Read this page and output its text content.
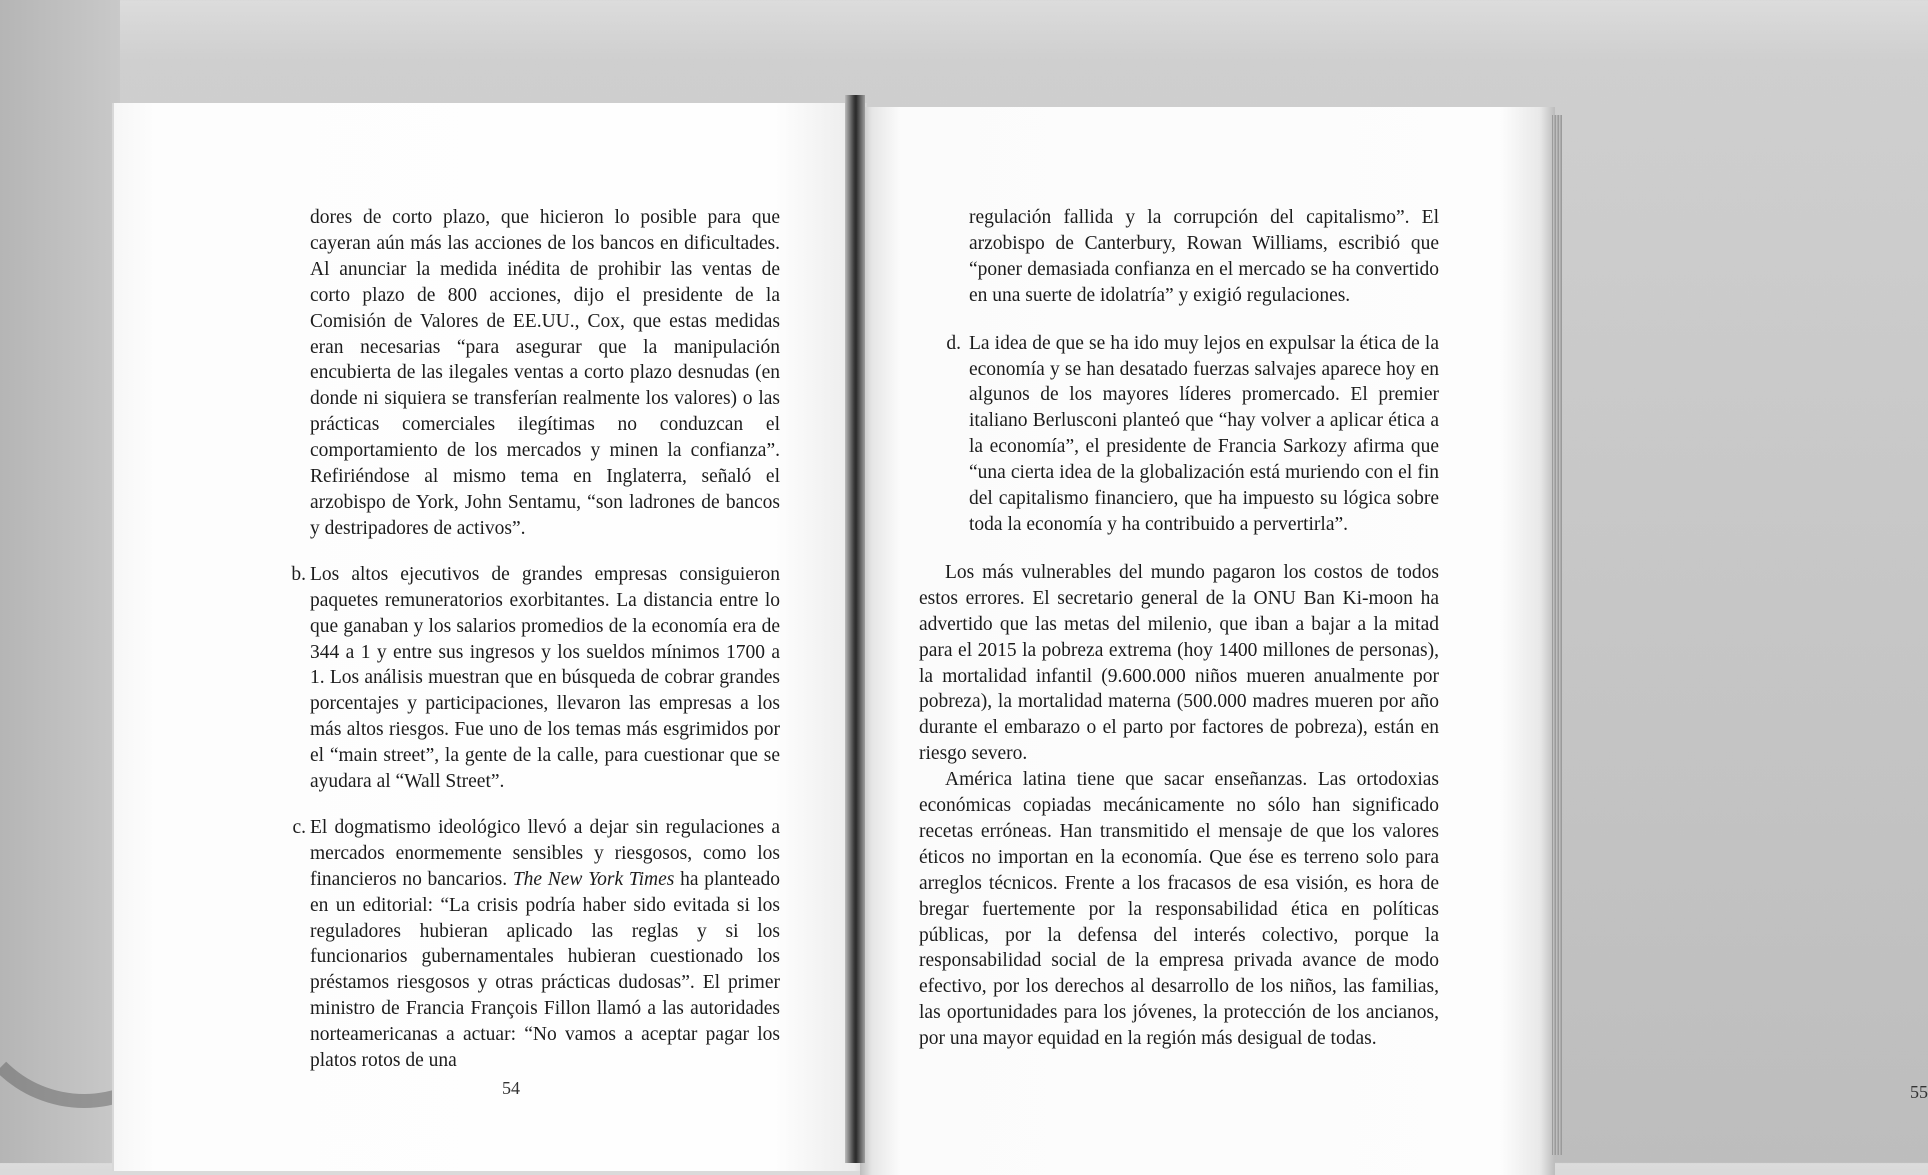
dores de corto plazo, que hicieron lo posible para que cayeran aún más las acciones de los bancos en dificultades. Al anunciar la medida inédita de prohibir las ventas de corto plazo de 800 acciones, dijo el presidente de la Comisión de Valores de EE.UU., Cox, que estas medidas eran necesarias “para asegurar que la manipulación encubierta de las ilegales ventas a corto plazo desnudas (en donde ni siquiera se transferían realmente los valores) o las prácticas comerciales ilegítimas no conduzcan el comportamiento de los mercados y minen la confianza”. Refiriéndose al mismo tema en Inglaterra, señaló el arzobispo de York, John Sentamu, “son ladrones de bancos y destripadores de activos”.

b. Los altos ejecutivos de grandes empresas consiguieron paquetes remuneratorios exorbitantes. La distancia entre lo que ganaban y los salarios promedios de la economía era de 344 a 1 y entre sus ingresos y los sueldos mínimos 1700 a 1. Los análisis muestran que en búsqueda de cobrar grandes porcentajes y participaciones, llevaron las empresas a los más altos riesgos. Fue uno de los temas más esgrimidos por el “main street”, la gente de la calle, para cuestionar que se ayudara al “Wall Street”.

c. El dogmatismo ideológico llevó a dejar sin regulaciones a mercados enormemente sensibles y riesgosos, como los financieros no bancarios. The New York Times ha planteado en un editorial: “La crisis podría haber sido evitada si los reguladores hubieran aplicado las reglas y si los funcionarios gubernamentales hubieran cuestionado los préstamos riesgosos y otras prácticas dudosas”. El primer ministro de Francia François Fillon llamó a las autoridades norteamericanas a actuar: “No vamos a aceptar pagar los platos rotos de una

54	55

regulación fallida y la corrupción del capitalismo”. El arzobispo de Canterbury, Rowan Williams, escribió que “poner demasiada confianza en el mercado se ha convertido en una suerte de idolatría” y exigió regulaciones.

d. La idea de que se ha ido muy lejos en expulsar la ética de la economía y se han desatado fuerzas salvajes aparece hoy en algunos de los mayores líderes promercado. El premier italiano Berlusconi planteó que “hay volver a aplicar ética a la economía”, el presidente de Francia Sarkozy afirma que “una cierta idea de la globalización está muriendo con el fin del capitalismo financiero, que ha impuesto su lógica sobre toda la economía y ha contribuido a pervertirla”.

Los más vulnerables del mundo pagaron los costos de todos estos errores. El secretario general de la ONU Ban Ki-moon ha advertido que las metas del milenio, que iban a bajar a la mitad para el 2015 la pobreza extrema (hoy 1400 millones de personas), la mortalidad infantil (9.600.000 niños mueren anualmente por pobreza), la mortalidad materna (500.000 madres mueren por año durante el embarazo o el parto por factores de pobreza), están en riesgo severo.

América latina tiene que sacar enseñanzas. Las ortodoxias económicas copiadas mecánicamente no sólo han significado recetas erróneas. Han transmitido el mensaje de que los valores éticos no importan en la economía. Que ése es terreno solo para arreglos técnicos. Frente a los fracasos de esa visión, es hora de bregar fuertemente por la responsabilidad ética en políticas públicas, por la defensa del interés colectivo, porque la responsabilidad social de la empresa privada avance de modo efectivo, por los derechos al desarrollo de los niños, las familias, las oportunidades para los jóvenes, la protección de los ancianos, por una mayor equidad en la región más desigual de todas.
